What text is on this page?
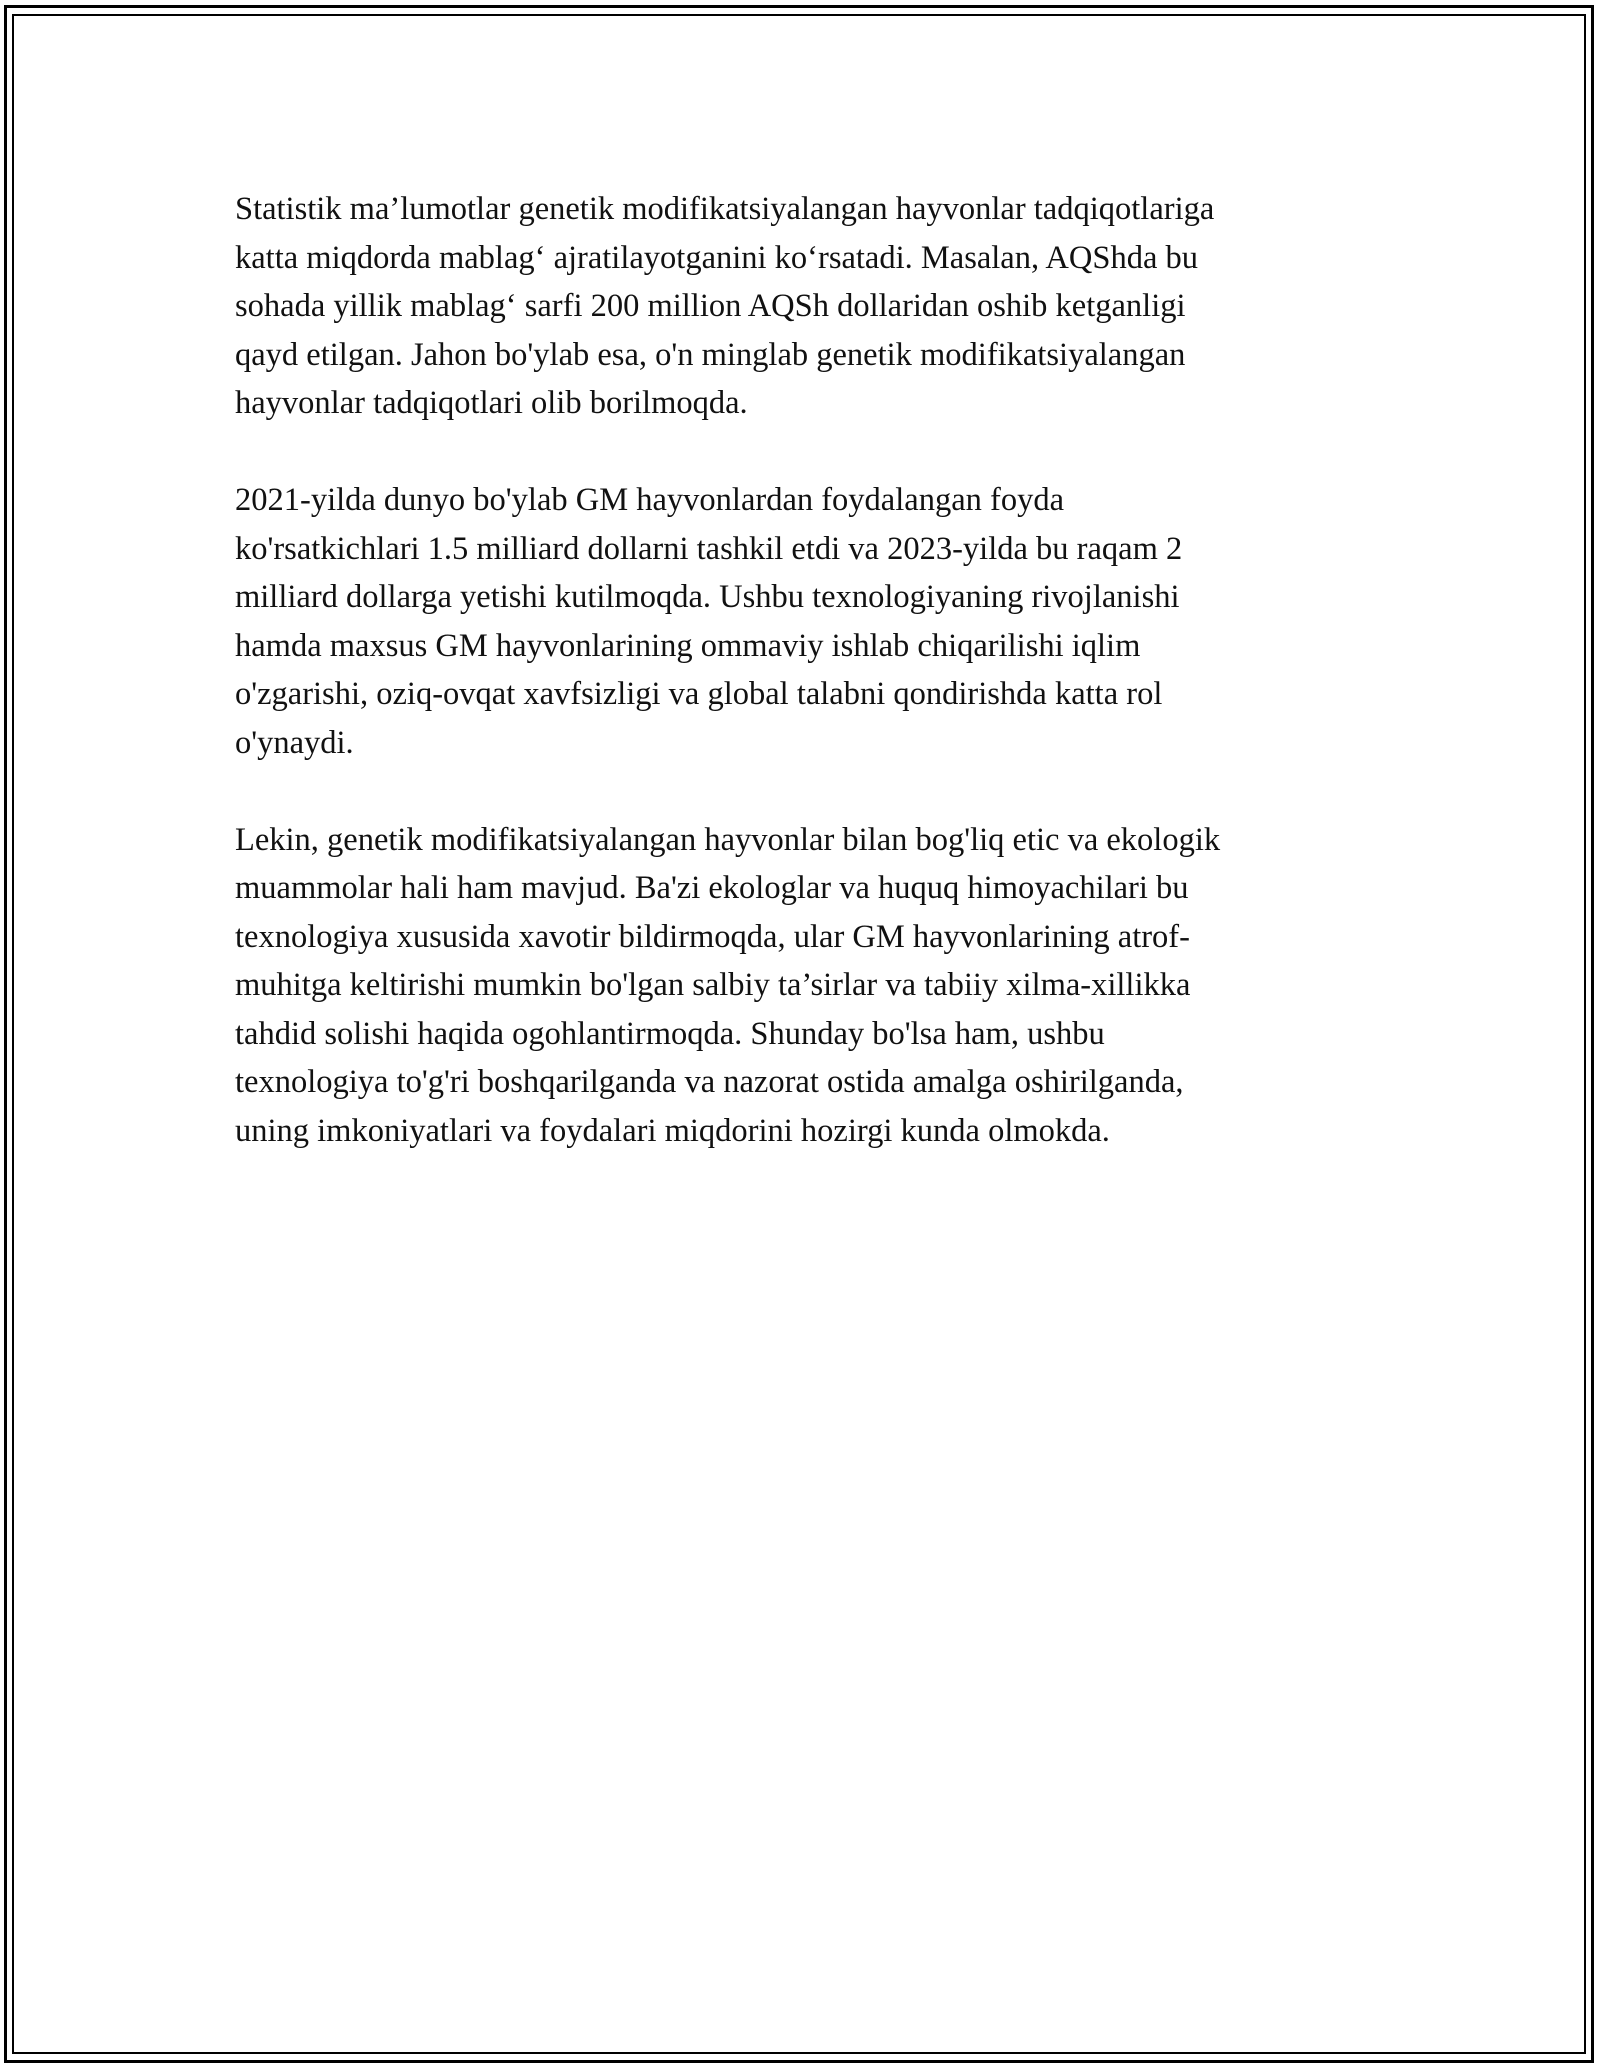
Statistik ma’lumotlar genetik modifikatsiyalangan hayvonlar tadqiqotlariga
katta miqdorda mablag‘ ajratilayotganini ko‘rsatadi. Masalan, AQShda bu
sohada yillik mablag‘ sarfi 200 million AQSh dollaridan oshib ketganligi
qayd etilgan. Jahon bo'ylab esa, o'n minglab genetik modifikatsiyalangan
hayvonlar tadqiqotlari olib borilmoqda.

2021-yilda dunyo bo'ylab GM hayvonlardan foydalangan foyda
ko'rsatkichlari 1.5 milliard dollarni tashkil etdi va 2023-yilda bu raqam 2
milliard dollarga yetishi kutilmoqda. Ushbu texnologiyaning rivojlanishi
hamda maxsus GM hayvonlarining ommaviy ishlab chiqarilishi iqlim
o'zgarishi, oziq-ovqat xavfsizligi va global talabni qondirishda katta rol
o'ynaydi.

Lekin, genetik modifikatsiyalangan hayvonlar bilan bog'liq etic va ekologik
muammolar hali ham mavjud. Ba'zi ekologlar va huquq himoyachilari bu
texnologiya xususida xavotir bildirmoqda, ular GM hayvonlarining atrof-
muhitga keltirishi mumkin bo'lgan salbiy ta’sirlar va tabiiy xilma-xillikka
tahdid solishi haqida ogohlantirmoqda. Shunday bo'lsa ham, ushbu
texnologiya to'g'ri boshqarilganda va nazorat ostida amalga oshirilganda,
uning imkoniyatlari va foydalari miqdorini hozirgi kunda olmokda.
